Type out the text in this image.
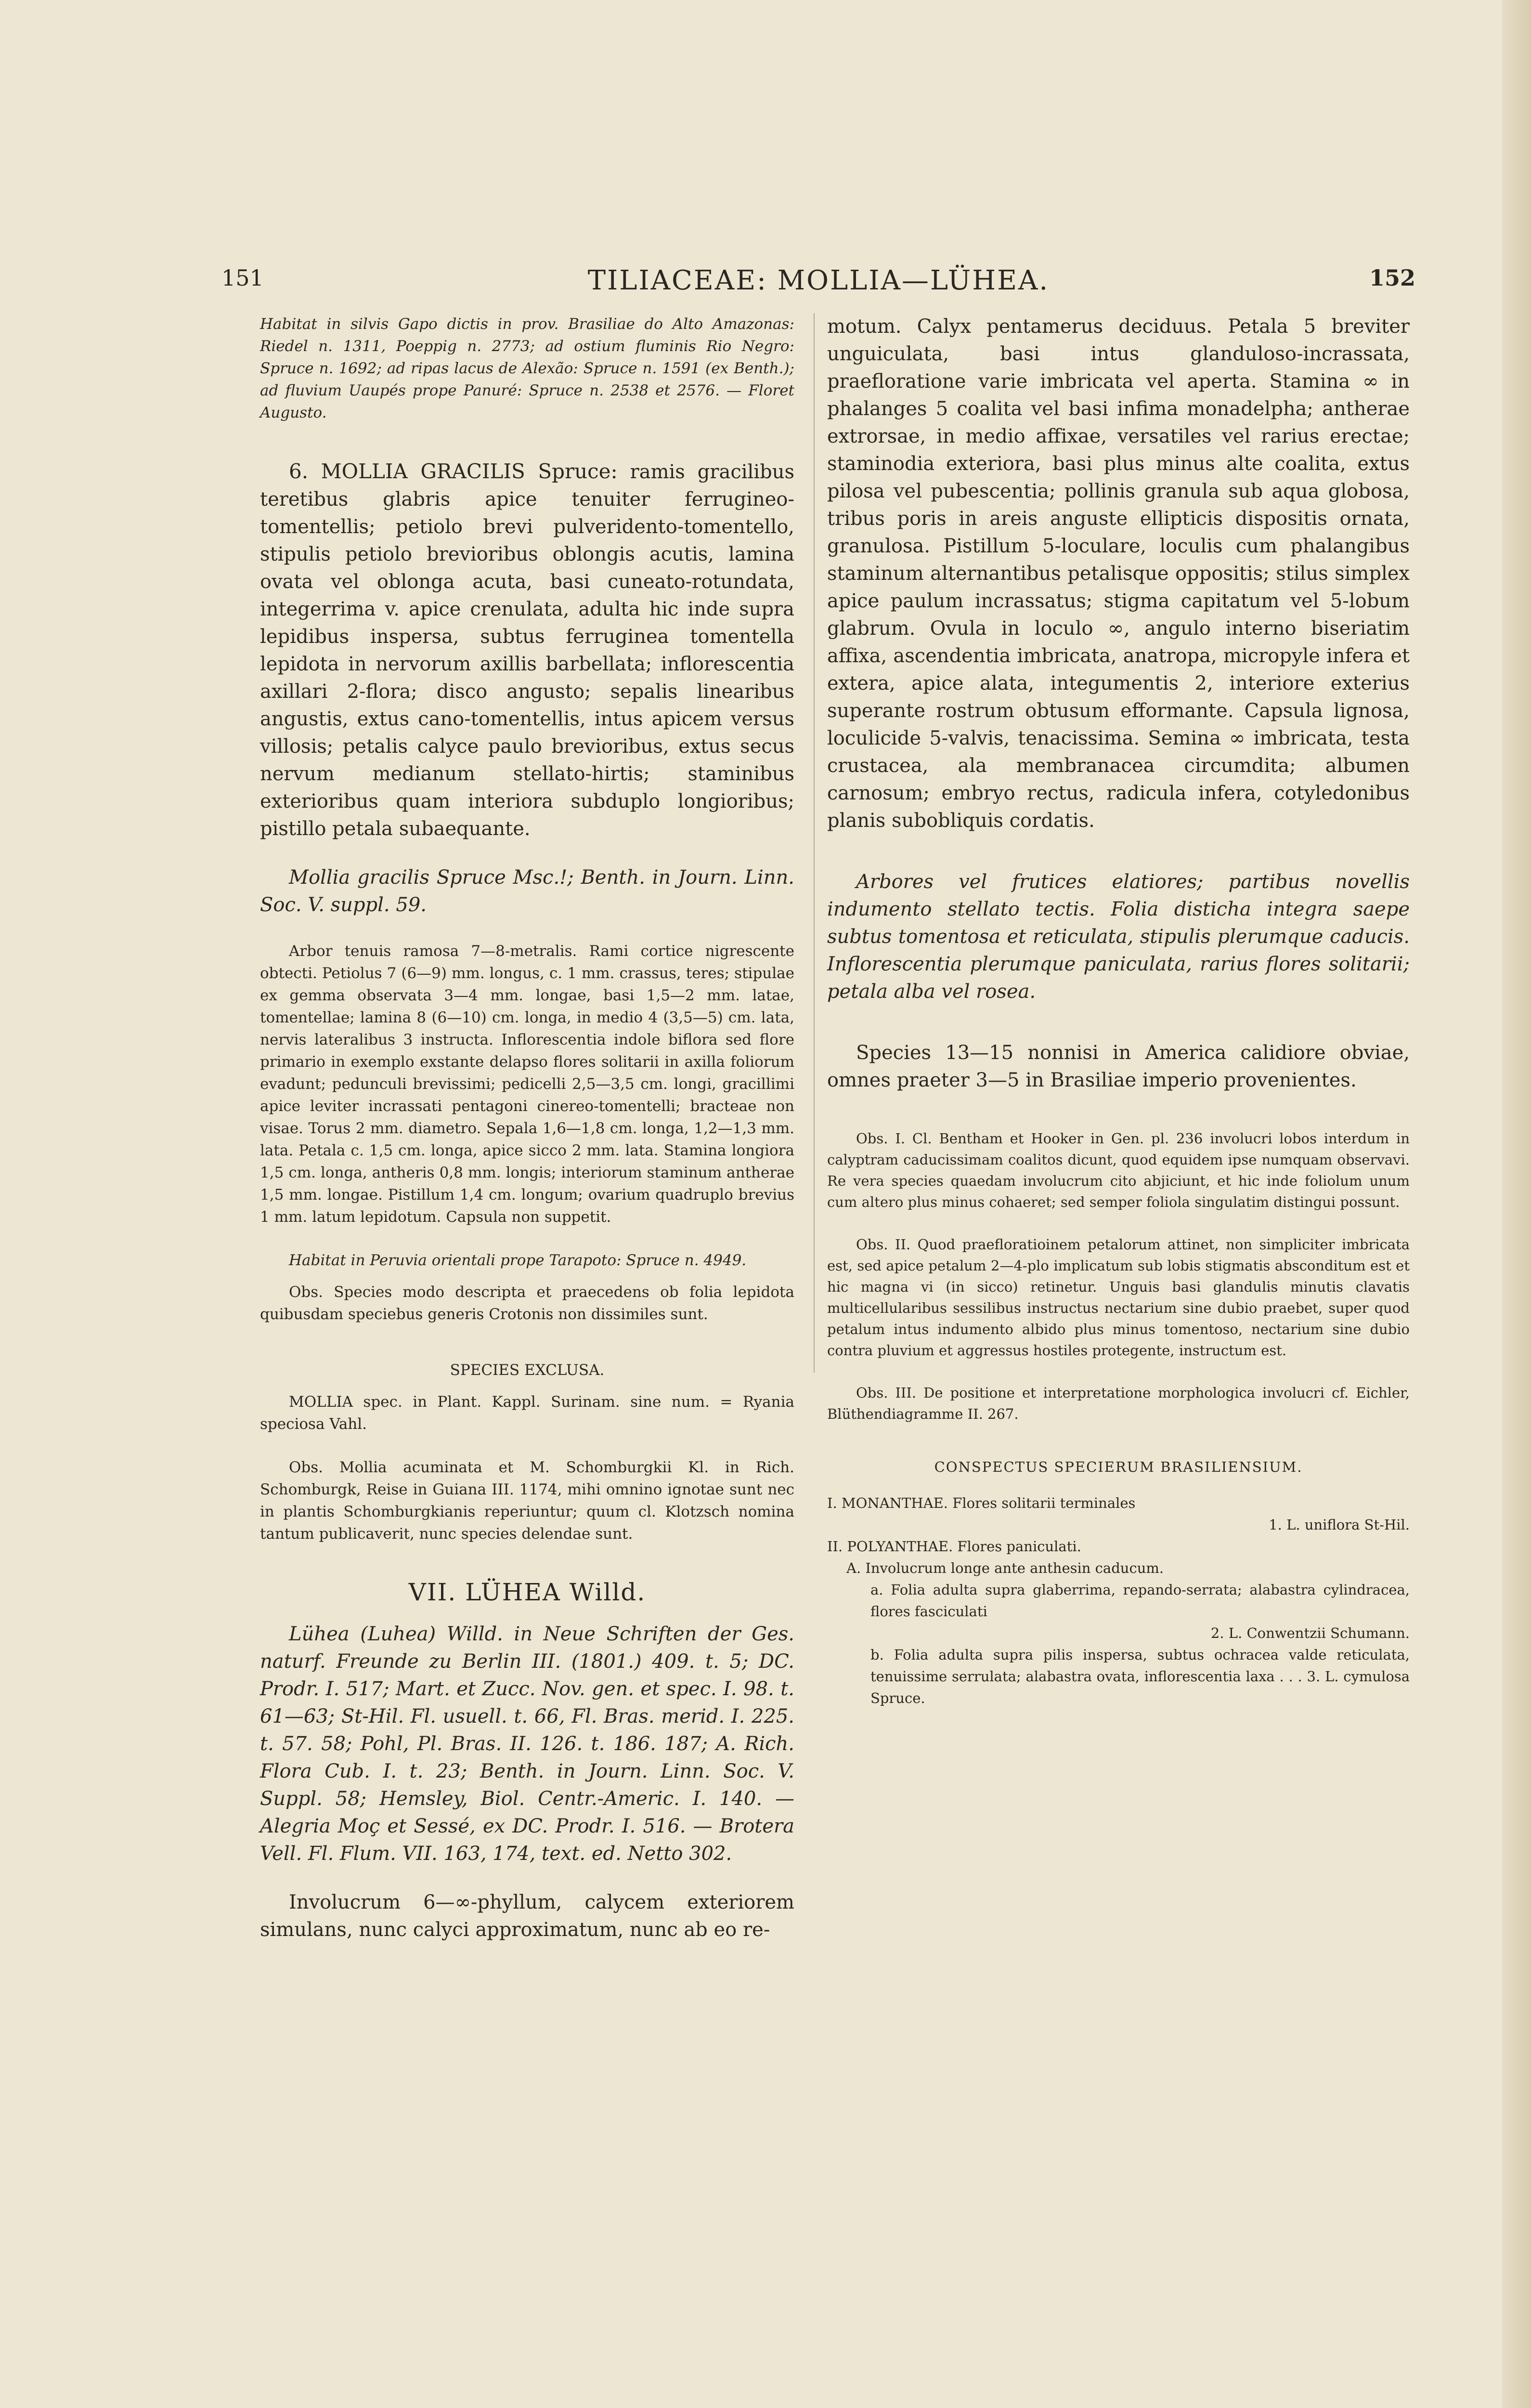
151	TILIACEAE: MOLLIA—LÜHEA.	152

Habitat in silvis Gapo dictis in prov. Brasiliae do Alto Amazonas: Riedel n. 1311, Poeppig n. 2773; ad ostium fluminis Rio Negro: Spruce n. 1692; ad ripas lacus de Alexão: Spruce n. 1591 (ex Benth.); ad fluvium Uaupés prope Panuré: Spruce n. 2538 et 2576. — Floret Augusto.

6. MOLLIA GRACILIS Spruce: ramis gracilibus teretibus glabris apice tenuiter ferrugineo-tomentellis; petiolo brevi pulveridento-tomentello, stipulis petiolo brevioribus oblongis acutis, lamina ovata vel oblonga acuta, basi cuneato-rotundata, integerrima v. apice crenulata, adulta hic inde supra lepidibus inspersa, subtus ferruginea tomentella lepidota in nervorum axillis barbellata; inflorescentia axillari 2-flora; disco angusto; sepalis linearibus angustis, extus cano-tomentellis, intus apicem versus villosis; petalis calyce paulo brevioribus, extus secus nervum medianum stellato-hirtis; staminibus exterioribus quam interiora subduplo longioribus; pistillo petala subaequante.

Mollia gracilis Spruce Msc.!; Benth. in Journ. Linn. Soc. V. suppl. 59.

Arbor tenuis ramosa 7—8-metralis. Rami cortice nigrescente obtecti. Petiolus 7 (6—9) mm. longus, c. 1 mm. crassus, teres; stipulae ex gemma observata 3—4 mm. longae, basi 1,5—2 mm. latae, tomentellae; lamina 8 (6—10) cm. longa, in medio 4 (3,5—5) cm. lata, nervis lateralibus 3 instructa. Inflorescentia indole biflora sed flore primario in exemplo exstante delapso flores solitarii in axilla foliorum evadunt; pedunculi brevissimi; pedicelli 2,5—3,5 cm. longi, gracillimi apice leviter incrassati pentagoni cinereo-tomentelli; bracteae non visae. Torus 2 mm. diametro. Sepala 1,6—1,8 cm. longa, 1,2—1,3 mm. lata. Petala c. 1,5 cm. longa, apice sicco 2 mm. lata. Stamina longiora 1,5 cm. longa, antheris 0,8 mm. longis; interiorum staminum antherae 1,5 mm. longae. Pistillum 1,4 cm. longum; ovarium quadruplo brevius 1 mm. latum lepidotum. Capsula non suppetit.

Habitat in Peruvia orientali prope Tarapoto: Spruce n. 4949.

Obs. Species modo descripta et praecedens ob folia lepidota quibusdam speciebus generis Crotonis non dissimiles sunt.

SPECIES EXCLUSA.

MOLLIA spec. in Plant. Kappl. Surinam. sine num. = Ryania speciosa Vahl.

Obs. Mollia acuminata et M. Schomburgkii Kl. in Rich. Schomburgk, Reise in Guiana III. 1174, mihi omnino ignotae sunt nec in plantis Schomburgkianis reperiuntur; quum cl. Klotzsch nomina tantum publicaverit, nunc species delendae sunt.

VII. LÜHEA Willd.

Lühea (Luhea) Willd. in Neue Schriften der Ges. naturf. Freunde zu Berlin III. (1801.) 409. t. 5; DC. Prodr. I. 517; Mart. et Zucc. Nov. gen. et spec. I. 98. t. 61—63; St-Hil. Fl. usuell. t. 66, Fl. Bras. merid. I. 225. t. 57. 58; Pohl, Pl. Bras. II. 126. t. 186. 187; A. Rich. Flora Cub. I. t. 23; Benth. in Journ. Linn. Soc. V. Suppl. 58; Hemsley, Biol. Centr.-Americ. I. 140. — Alegria Moç et Sessé, ex DC. Prodr. I. 516. — Brotera Vell. Fl. Flum. VII. 163, 174, text. ed. Netto 302.

Involucrum 6—∞-phyllum, calycem exteriorem simulans, nunc calyci approximatum, nunc ab eo re-

motum. Calyx pentamerus deciduus. Petala 5 breviter unguiculata, basi intus glanduloso-incrassata, praefloratione varie imbricata vel aperta. Stamina ∞ in phalanges 5 coalita vel basi infima monadelpha; antherae extrorsae, in medio affixae, versatiles vel rarius erectae; staminodia exteriora, basi plus minus alte coalita, extus pilosa vel pubescentia; pollinis granula sub aqua globosa, tribus poris in areis anguste ellipticis dispositis ornata, granulosa. Pistillum 5-loculare, loculis cum phalangibus staminum alternantibus petalisque oppositis; stilus simplex apice paulum incrassatus; stigma capitatum vel 5-lobum glabrum. Ovula in loculo ∞, angulo interno biseriatim affixa, ascendentia imbricata, anatropa, micropyle infera et extera, apice alata, integumentis 2, interiore exterius superante rostrum obtusum efformante. Capsula lignosa, loculicide 5-valvis, tenacissima. Semina ∞ imbricata, testa crustacea, ala membranacea circumdita; albumen carnosum; embryo rectus, radicula infera, cotyledonibus planis subobliquis cordatis.

Arbores vel frutices elatiores; partibus novellis indumento stellato tectis. Folia disticha integra saepe subtus tomentosa et reticulata, stipulis plerumque caducis. Inflorescentia plerumque paniculata, rarius flores solitarii; petala alba vel rosea.

Species 13—15 nonnisi in America calidiore obviae, omnes praeter 3—5 in Brasiliae imperio provenientes.

Obs. I. Cl. Bentham et Hooker in Gen. pl. 236 involucri lobos interdum in calyptram caducissimam coalitos dicunt, quod equidem ipse numquam observavi. Re vera species quaedam involucrum cito abjiciunt, et hic inde foliolum unum cum altero plus minus cohaeret; sed semper foliola singulatim distingui possunt.

Obs. II. Quod praefloratioinem petalorum attinet, non simpliciter imbricata est, sed apice petalum 2—4-plo implicatum sub lobis stigmatis absconditum est et hic magna vi (in sicco) retinetur. Unguis basi glandulis minutis clavatis multicellularibus sessilibus instructus nectarium sine dubio praebet, super quod petalum intus indumento albido plus minus tomentoso, nectarium sine dubio contra pluvium et aggressus hostiles protegente, instructum est.

Obs. III. De positione et interpretatione morphologica involucri cf. Eichler, Blüthendiagramme II. 267.

CONSPECTUS SPECIERUM BRASILIENSIUM.
I. MONANTHAE. Flores solitarii terminales
1. L. uniflora St-Hil.
II. POLYANTHAE. Flores paniculati.
A. Involucrum longe ante anthesin caducum.
a. Folia adulta supra glaberrima, repando-serrata; alabastra cylindracea, flores fasciculati
2. L. Conwentzii Schumann.
b. Folia adulta supra pilis inspersa, subtus ochracea valde reticulata, tenuissime serrulata; alabastra ovata, inflorescentia laxa . . . 3. L. cymulosa Spruce.
